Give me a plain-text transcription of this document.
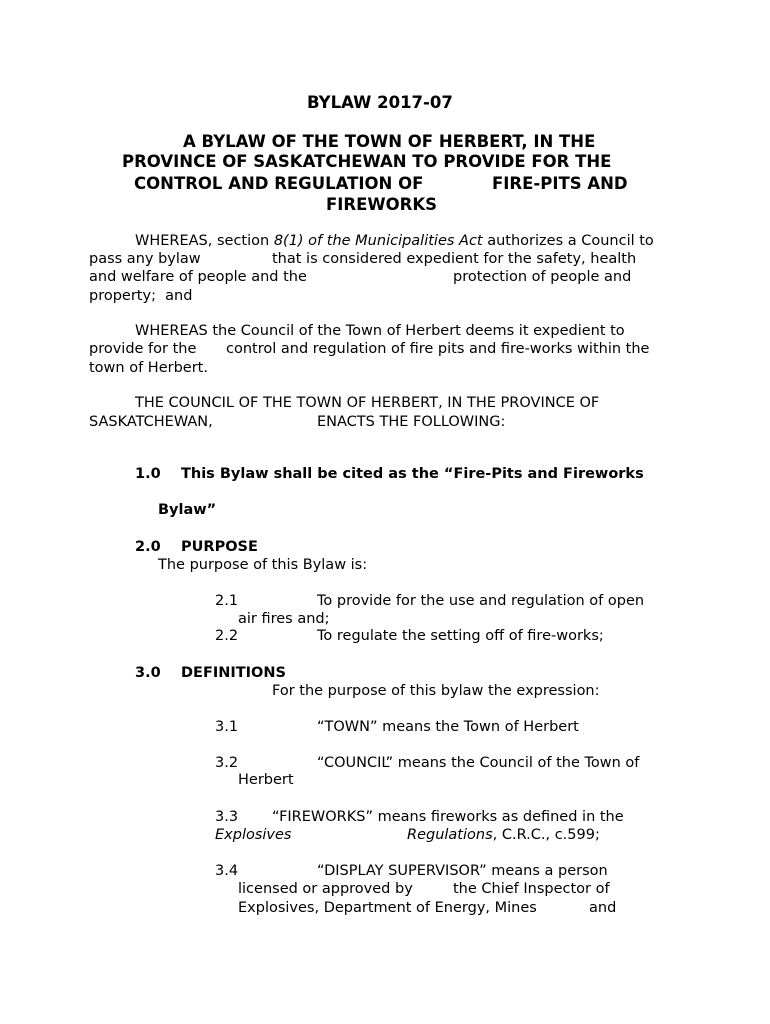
BYLAW 2017-07
A BYLAW OF THE TOWN OF HERBERT, IN THE
PROVINCE OF SASKATCHEWAN TO PROVIDE FOR THE
CONTROL AND REGULATION OF	FIRE-PITS AND
FIREWORKS
WHEREAS, section 8(1) of the Municipalities Act authorizes a Council to
pass any bylaw	that is considered expedient for the safety, health
and welfare of people and the	protection of people and
property;  and
WHEREAS the Council of the Town of Herbert deems it expedient to
provide for the control and regulation of fire pits and fire-works within the
town of Herbert.
THE COUNCIL OF THE TOWN OF HERBERT, IN THE PROVINCE OF
SASKATCHEWAN,	ENACTS THE FOLLOWING:
1.0 This Bylaw shall be cited as the “Fire-Pits and Fireworks
Bylaw”
2.0 PURPOSE
The purpose of this Bylaw is:
2.1	To provide for the use and regulation of open
air fires and;
2.2	To regulate the setting off of fire-works;
3.0 DEFINITIONS
For the purpose of this bylaw the expression:
3.1	“TOWN” means the Town of Herbert
3.2	“COUNCIL” means the Council of the Town of
Herbert
3.3 “FIREWORKS” means fireworks as defined in the
Explosives	Regulations, C.R.C., c.599;
3.4	“DISPLAY SUPERVISOR” means a person
licensed or approved by	the Chief Inspector of
Explosives, Department of Energy, Mines	and
